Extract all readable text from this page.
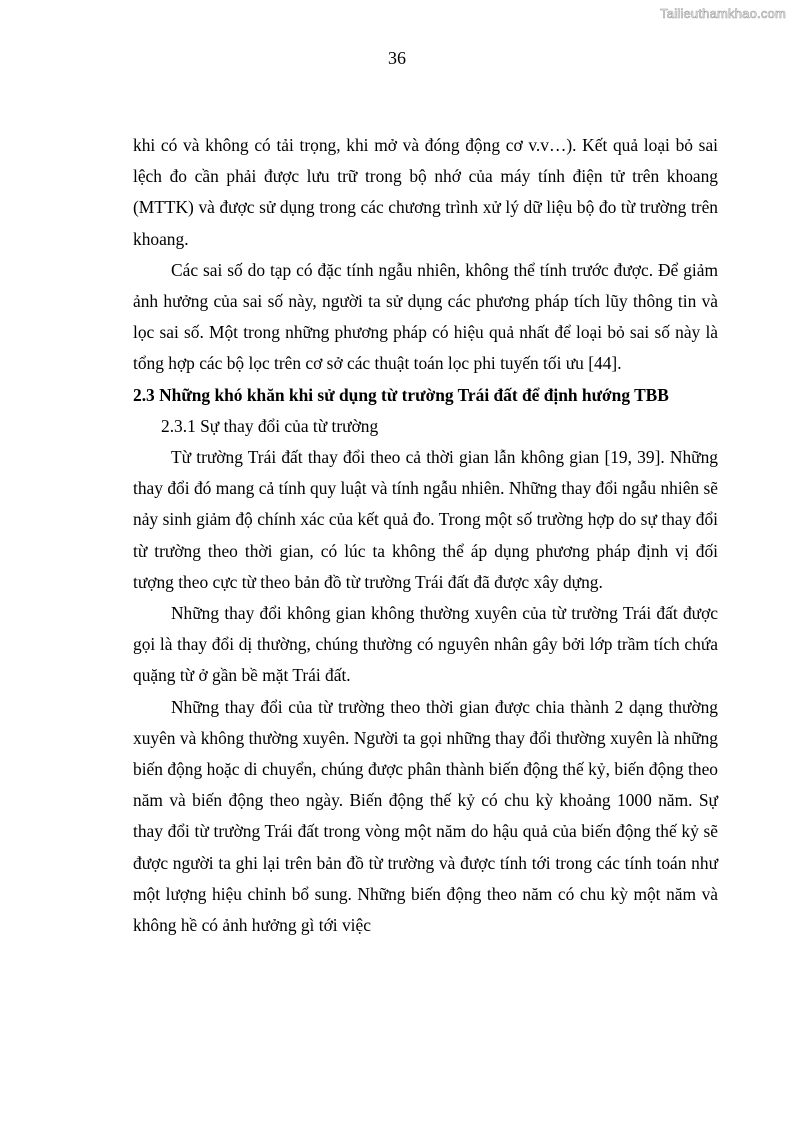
Tailieuthamkhao.com
36

khi có và không có tải trọng, khi mở và đóng động cơ v.v…). Kết quả loại bỏ sai lệch đo cần phải được lưu trữ trong bộ nhớ của máy tính điện tử trên khoang (MTTK) và được sử dụng trong các chương trình xử lý dữ liệu bộ đo từ trường trên khoang.

Các sai số do tạp có đặc tính ngẫu nhiên, không thể tính trước được. Để giảm ảnh hưởng của sai số này, người ta sử dụng các phương pháp tích lũy thông tin và lọc sai số. Một trong những phương pháp có hiệu quả nhất để loại bỏ sai số này là tổng hợp các bộ lọc trên cơ sở các thuật toán lọc phi tuyến tối ưu [44].

2.3 Những khó khăn khi sử dụng từ trường Trái đất để định hướng TBB

2.3.1 Sự thay đổi của từ trường

Từ trường Trái đất thay đổi theo cả thời gian lẫn không gian [19, 39]. Những thay đổi đó mang cả tính quy luật và tính ngẫu nhiên. Những thay đổi ngẫu nhiên sẽ nảy sinh giảm độ chính xác của kết quả đo. Trong một số trường hợp do sự thay đổi từ trường theo thời gian, có lúc ta không thể áp dụng phương pháp định vị đối tượng theo cực từ theo bản đồ từ trường Trái đất đã được xây dựng.

Những thay đổi không gian không thường xuyên của từ trường Trái đất được gọi là thay đổi dị thường, chúng thường có nguyên nhân gây bởi lớp trầm tích chứa quặng từ ở gần bề mặt Trái đất.

Những thay đổi của từ trường theo thời gian được chia thành 2 dạng thường xuyên và không thường xuyên. Người ta gọi những thay đổi thường xuyên là những biến động hoặc di chuyển, chúng được phân thành biến động thế kỷ, biến động theo năm và biến động theo ngày. Biến động thế kỷ có chu kỳ khoảng 1000 năm. Sự thay đổi từ trường Trái đất trong vòng một năm do hậu quả của biến động thế kỷ sẽ được người ta ghi lại trên bản đồ từ trường và được tính tới trong các tính toán như một lượng hiệu chỉnh bổ sung. Những biến động theo năm có chu kỳ một năm và không hề có ảnh hưởng gì tới việc
